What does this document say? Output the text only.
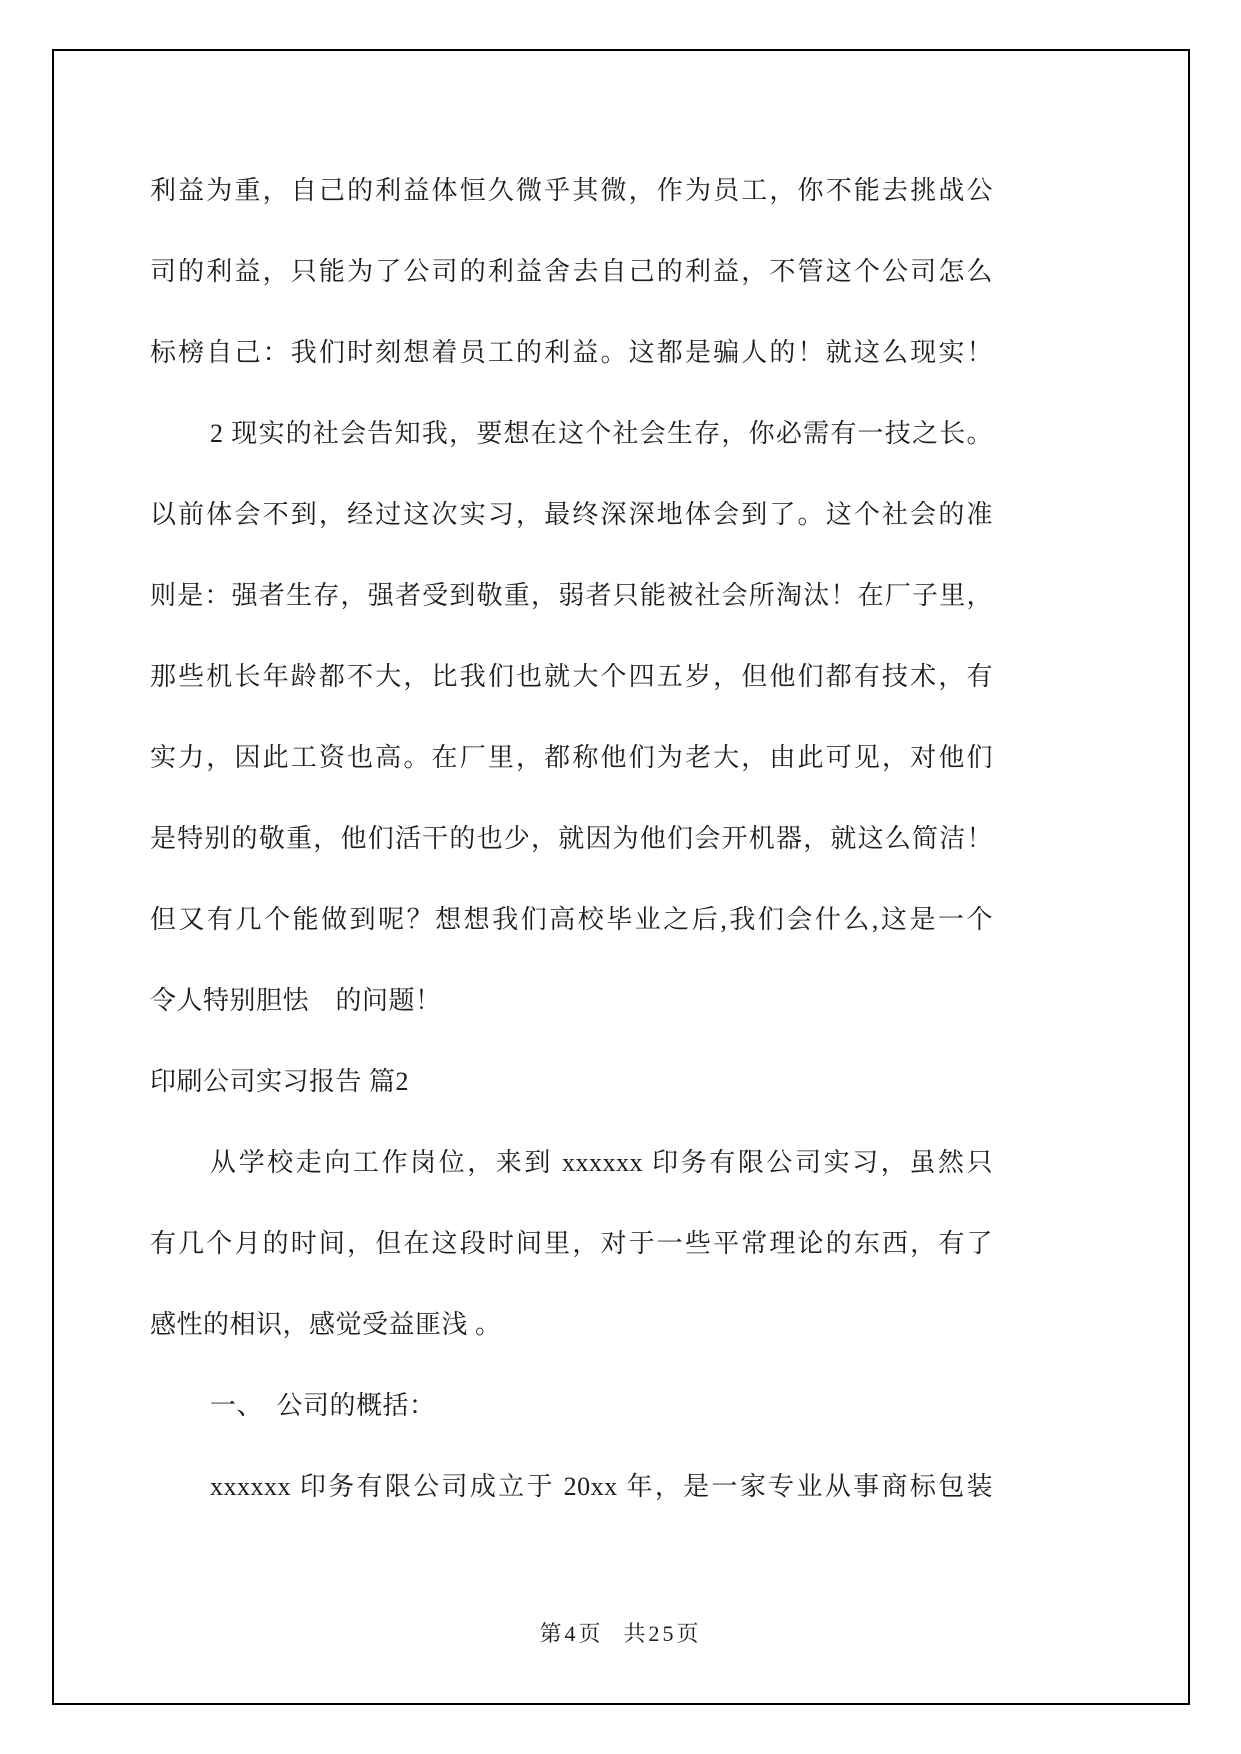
利益为重，自己的利益体恒久微乎其微，作为员工，你不能去挑战公
司的利益，只能为了公司的利益舍去自己的利益，不管这个公司怎么
标榜自己：我们时刻想着员工的利益。这都是骗人的！就这么现实！
2 现实的社会告知我，要想在这个社会生存，你必需有一技之长。
以前体会不到，经过这次实习，最终深深地体会到了。这个社会的准
则是：强者生存，强者受到敬重，弱者只能被社会所淘汰！在厂子里，
那些机长年龄都不大，比我们也就大个四五岁，但他们都有技术，有
实力，因此工资也高。在厂里，都称他们为老大，由此可见，对他们
是特别的敬重，他们活干的也少，就因为他们会开机器，就这么简洁！
但又有几个能做到呢？想想我们高校毕业之后,我们会什么,这是一个
令人特别胆怯　的问题！
印刷公司实习报告 篇2
从学校走向工作岗位，来到 xxxxxx 印务有限公司实习，虽然只
有几个月的时间，但在这段时间里，对于一些平常理论的东西，有了
感性的相识，感觉受益匪浅 。
一、　公司的概括：
xxxxxx 印务有限公司成立于 20xx 年，是一家专业从事商标包装
第4页 共25页
